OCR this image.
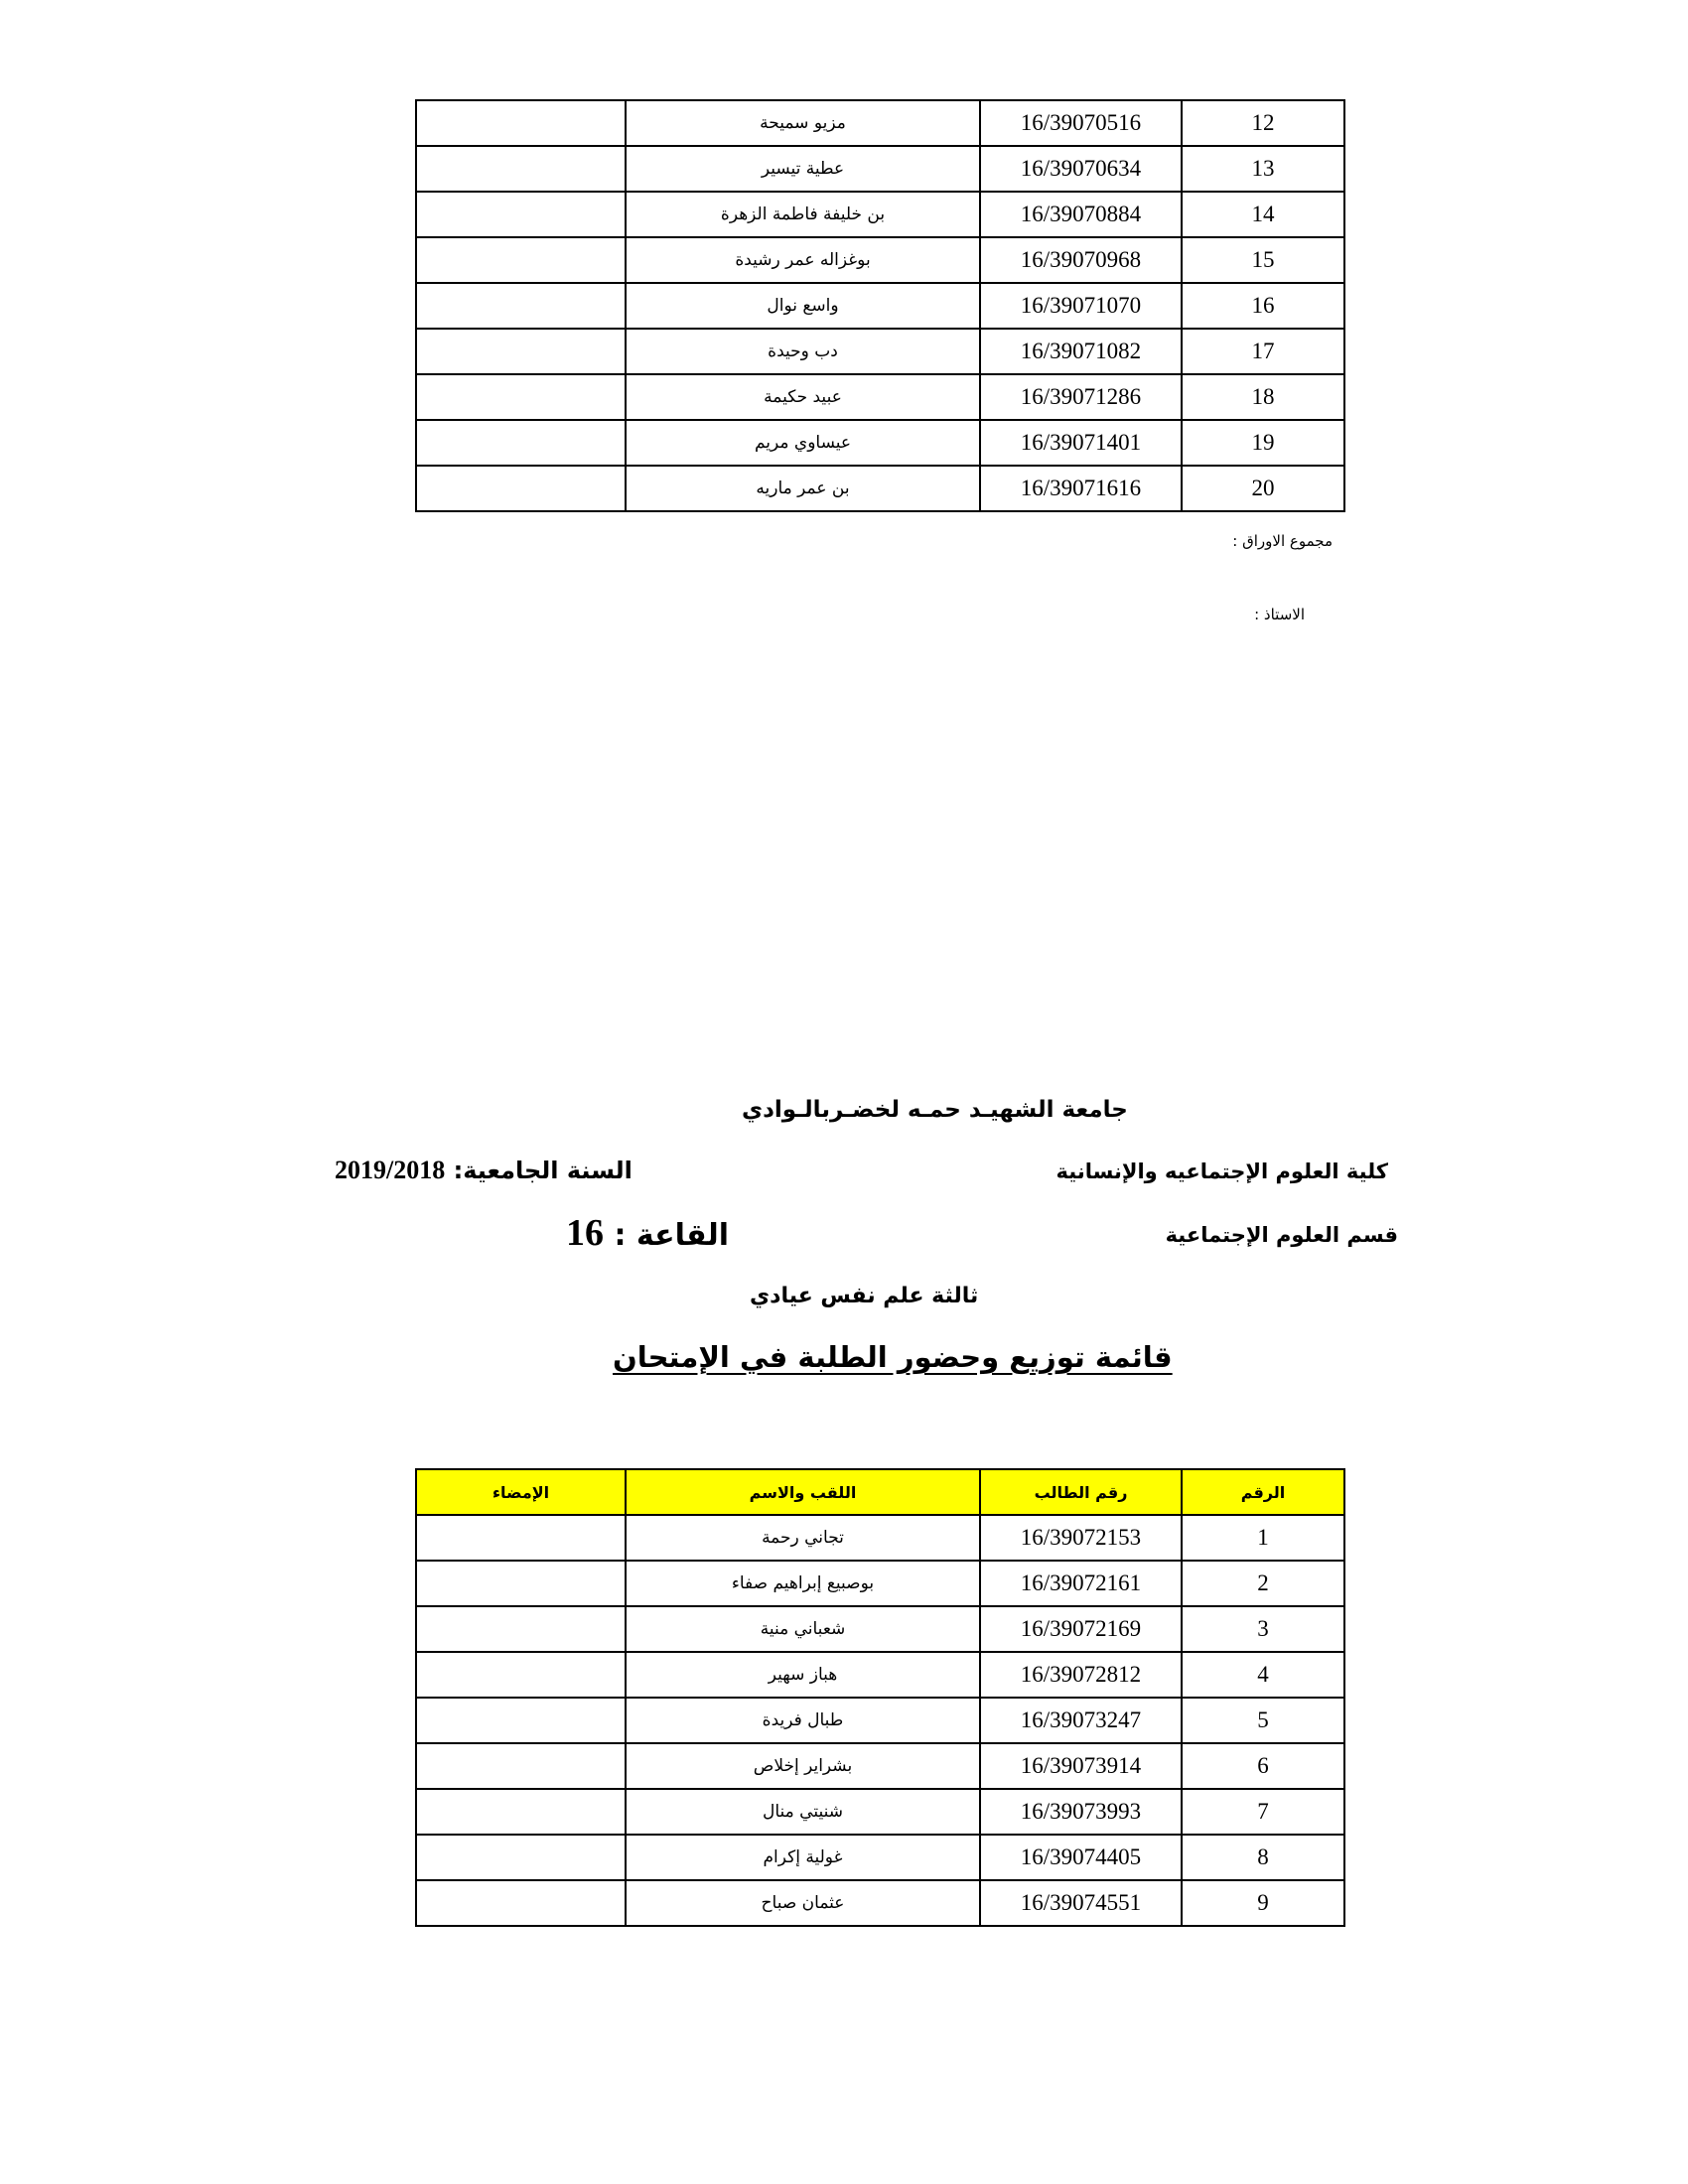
	مزيو سميحة	16/39070516	12
	عطية تيسير	16/39070634	13
	بن خليفة فاطمة الزهرة	16/39070884	14
	بوغزاله عمر رشيدة	16/39070968	15
	واسع نوال	16/39071070	16
	دب وحيدة	16/39071082	17
	عبيد حكيمة	16/39071286	18
	عيساوي مريم	16/39071401	19
	بن عمر ماريه	16/39071616	20
مجموع الاوراق :
الاستاذ :
جامعة الشهيـد حمـه لخضـربالـوادي
كلية العلوم الإجتماعيه والإنسانية
السنة الجامعية: 2019/2018
قسم العلوم الإجتماعية
القاعة : 16
ثالثة علم نفس عيادي
قائمة توزيع وحضور الطلبة في الإمتحان
الإمضاء	اللقب والاسم	رقم الطالب	الرقم
	تجاني رحمة	16/39072153	1
	بوصبيع إبراهيم صفاء	16/39072161	2
	شعباني منية	16/39072169	3
	هباز سهير	16/39072812	4
	طبال فريدة	16/39073247	5
	بشراير إخلاص	16/39073914	6
	شنيتي منال	16/39073993	7
	غولية إكرام	16/39074405	8
	عثمان صباح	16/39074551	9
